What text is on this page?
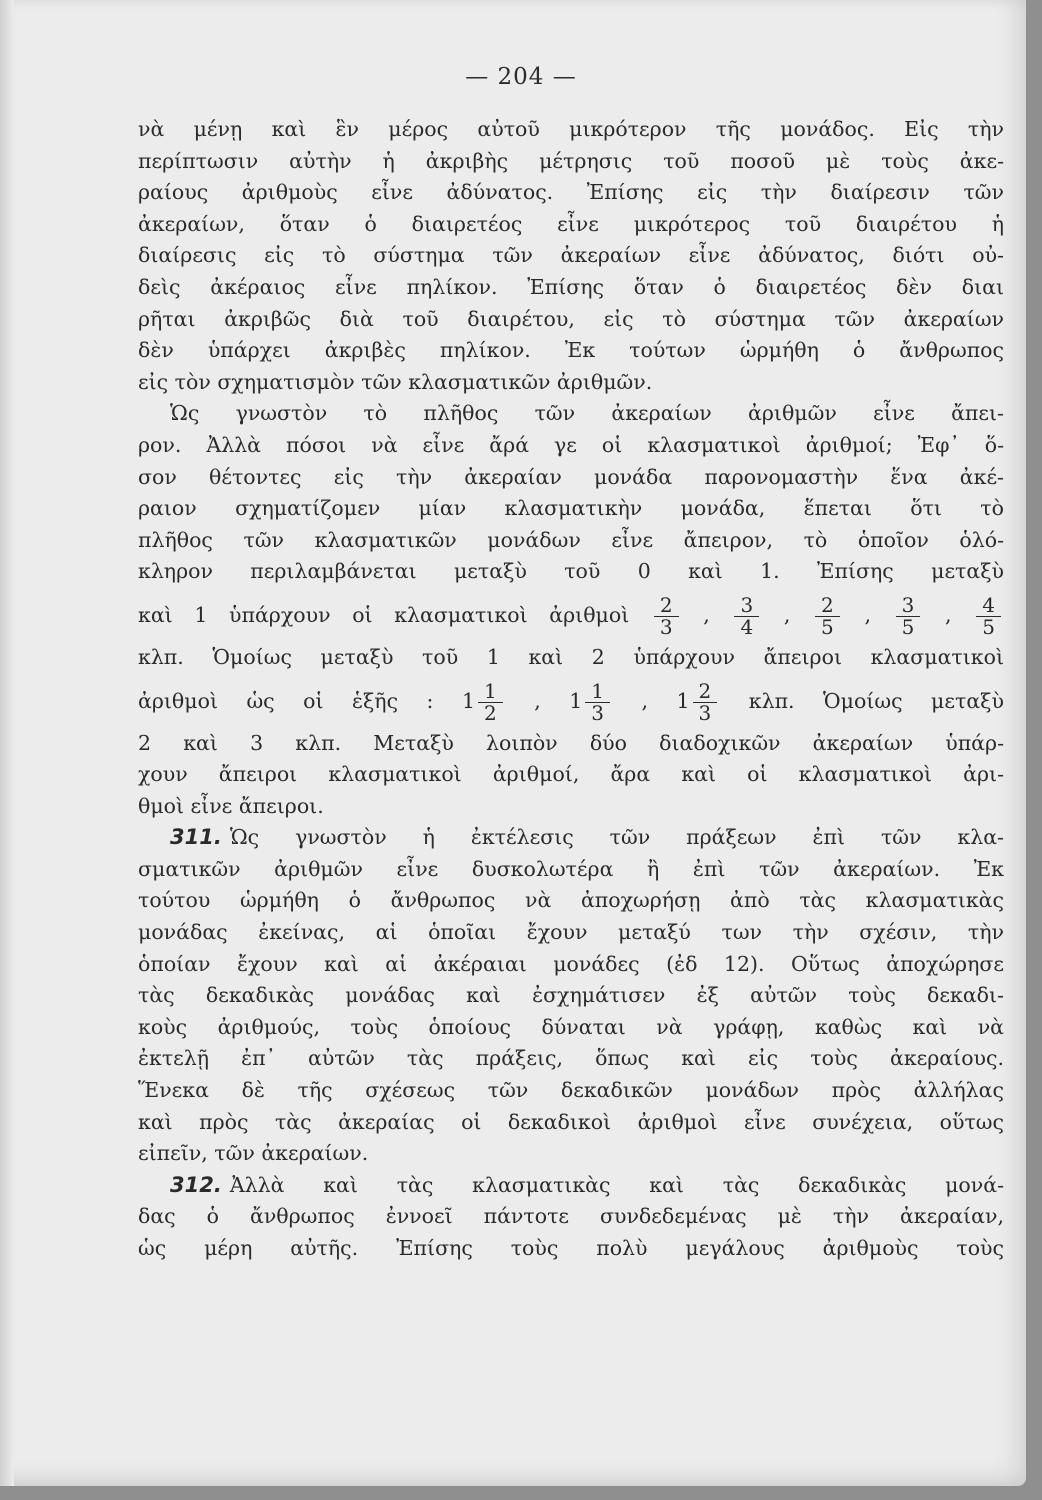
— 204 —
νὰ μένῃ καὶ ἓν μέρος αὐτοῦ μικρότερον τῆς μονάδος. Εἰς τὴν
περίπτωσιν αὐτὴν ἡ ἀκριβὴς μέτρησις τοῦ ποσοῦ μὲ τοὺς ἀκε-
ραίους ἀριθμοὺς εἶνε ἀδύνατος. Ἐπίσης εἰς τὴν διαίρεσιν τῶν
ἀκεραίων, ὅταν ὁ διαιρετέος εἶνε μικρότερος τοῦ διαιρέτου ἡ
διαίρεσις εἰς τὸ σύστημα τῶν ἀκεραίων εἶνε ἀδύνατος, διότι οὐ-
δεὶς ἀκέραιος εἶνε πηλίκον. Ἐπίσης ὅταν ὁ διαιρετέος δὲν διαι
ρῆται ἀκριβῶς διὰ τοῦ διαιρέτου, εἰς τὸ σύστημα τῶν ἀκεραίων
δὲν ὑπάρχει ἀκριβὲς πηλίκον. Ἐκ τούτων ὡρμήθη ὁ ἄνθρωπος
εἰς τὸν σχηματισμὸν τῶν κλασματικῶν ἀριθμῶν.
Ὡς γνωστὸν τὸ πλῆθος τῶν ἀκεραίων ἀριθμῶν εἶνε ἄπει-
ρον. Ἀλλὰ πόσοι νὰ εἶνε ἄρά γε οἱ κλασματικοὶ ἀριθμοί; Ἐφ᾽ ὅ-
σον θέτοντες εἰς τὴν ἀκεραίαν μονάδα παρονομαστὴν ἕνα ἀκέ-
ραιον σχηματίζομεν μίαν κλασματικὴν μονάδα, ἕπεται ὅτι τὸ
πλῆθος τῶν κλασματικῶν μονάδων εἶνε ἄπειρον, τὸ ὁποῖον ὁλό-
κληρον περιλαμβάνεται μεταξὺ τοῦ 0 καὶ 1. Ἐπίσης μεταξὺ
καὶ 1 ὑπάρχουν οἱ κλασματικοὶ ἀριθμοὶ $\frac{2}{3}$ , $\frac{3}{4}$ , $\frac{2}{5}$ , $\frac{3}{5}$ , $\frac{4}{5}$
κλπ. Ὁμοίως μεταξὺ τοῦ 1 καὶ 2 ὑπάρχουν ἄπειροι κλασματικοὶ
ἀριθμοὶ ὡς οἱ ἑξῆς : $1 \frac{1}{2}$ , $1 \frac{1}{3}$ , $1 \frac{2}{3} \kappa\lambda\pi$. Ὁμοίως μεταξὺ
2 καὶ 3 κλπ. Μεταξὺ λοιπὸν δύο διαδοχικῶν ἀκεραίων ὑπάρ-
χουν ἄπειροι κλασματικοὶ ἀριθμοί, ἄρα καὶ οἱ κλασματικοὶ ἀρι-
θμοὶ εἶνε ἄπειροι.
311. Ὡς γνωστὸν ἡ ἐκτέλεσις τῶν πράξεων ἐπὶ τῶν κλα-
σματικῶν ἀριθμῶν εἶνε δυσκολωτέρα ἢ ἐπὶ τῶν ἀκεραίων. Ἐκ
τούτου ὡρμήθη ὁ ἄνθρωπος νὰ ἀποχωρήσῃ ἀπὸ τὰς κλασματικὰς
μονάδας ἐκείνας, αἱ ὁποῖαι ἔχουν μεταξύ των τὴν σχέσιν, τὴν
ὁποίαν ἔχουν καὶ αἱ ἀκέραιαι μονάδες (ἐδ 12). Οὕτως ἀποχώρησε
τὰς δεκαδικὰς μονάδας καὶ ἐσχημάτισεν ἐξ αὐτῶν τοὺς δεκαδι-
κοὺς ἀριθμούς, τοὺς ὁποίους δύναται νὰ γράφῃ, καθὼς καὶ νὰ
ἐκτελῇ ἐπ᾽ αὐτῶν τὰς πράξεις, ὅπως καὶ εἰς τοὺς ἀκεραίους.
Ἕνεκα δὲ τῆς σχέσεως τῶν δεκαδικῶν μονάδων πρὸς ἀλλήλας
καὶ πρὸς τὰς ἀκεραίας οἱ δεκαδικοὶ ἀριθμοὶ εἶνε συνέχεια, οὕτως
εἰπεῖν, τῶν ἀκεραίων.
312. Ἀλλὰ καὶ τὰς κλασματικὰς καὶ τὰς δεκαδικὰς μονά-
δας ὁ ἄνθρωπος ἐννοεῖ πάντοτε συνδεδεμένας μὲ τὴν ἀκεραίαν,
ὡς μέρη αὐτῆς. Ἐπίσης τοὺς πολὺ μεγάλους ἀριθμοὺς τοὺς
